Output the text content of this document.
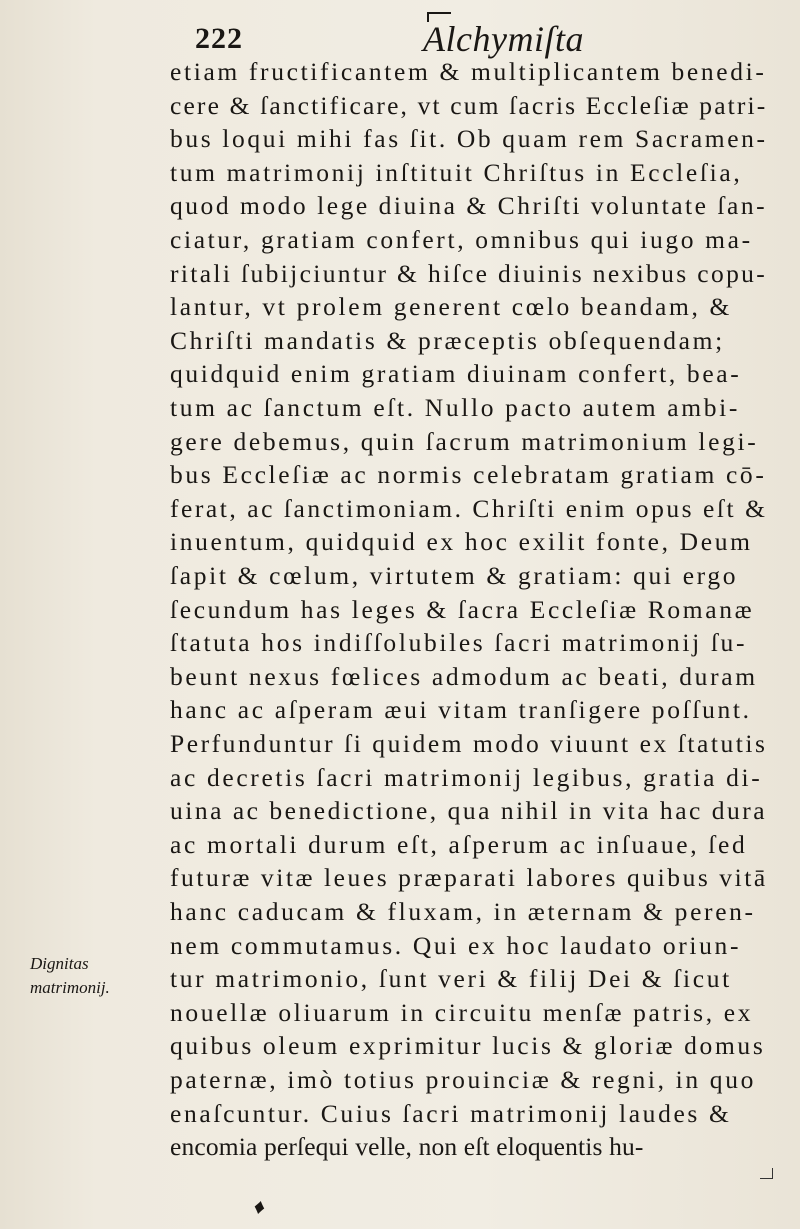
222	Alchymiſta
etiam fructificantem & multiplicantem benedi-
cere & ſanctificare, vt cum ſacris Eccleſiæ patri-
bus loqui mihi fas ſit. Ob quam rem Sacramen-
tum matrimonij inſtituit Chriſtus in Eccleſia,
quod modo lege diuina & Chriſti voluntate ſan-
ciatur, gratiam confert, omnibus qui iugo ma-
ritali ſubijciuntur & hiſce diuinis nexibus copu-
lantur, vt prolem generent cœlo beandam, &
Chriſti mandatis & præceptis obſequendam;
quidquid enim gratiam diuinam confert, bea-
tum ac ſanctum eſt. Nullo pacto autem ambi-
gere debemus, quin ſacrum matrimonium legi-
bus Eccleſiæ ac normis celebratam gratiam cō-
ferat, ac ſanctimoniam. Chriſti enim opus eſt &
inuentum, quidquid ex hoc exilit fonte, Deum
ſapit & cœlum, virtutem & gratiam: qui ergo
ſecundum has leges & ſacra Eccleſiæ Romanæ
ſtatuta hos indiſſolubiles ſacri matrimonij ſu-
beunt nexus fœlices admodum ac beati, duram
hanc ac aſperam æui vitam tranſigere poſſunt.
Perfunduntur ſi quidem modo viuunt ex ſtatutis
ac decretis ſacri matrimonij legibus, gratia di-
uina ac benedictione, qua nihil in vita hac dura
ac mortali durum eſt, aſperum ac inſuaue, ſed
futuræ vitæ leues præparati labores quibus vitā
hanc caducam & fluxam, in æternam & peren-
nem commutamus. Qui ex hoc laudato oriun-
tur matrimonio, ſunt veri & filij Dei & ſicut
nouellæ oliuarum in circuitu menſæ patris, ex
quibus oleum exprimitur lucis & gloriæ domus
paternæ, imò totius prouinciæ & regni, in quo
enaſcuntur. Cuius ſacri matrimonij laudes &
encomia perſequi velle, non eſt eloquentis hu-
Dignitas
matrimonij.
♦
